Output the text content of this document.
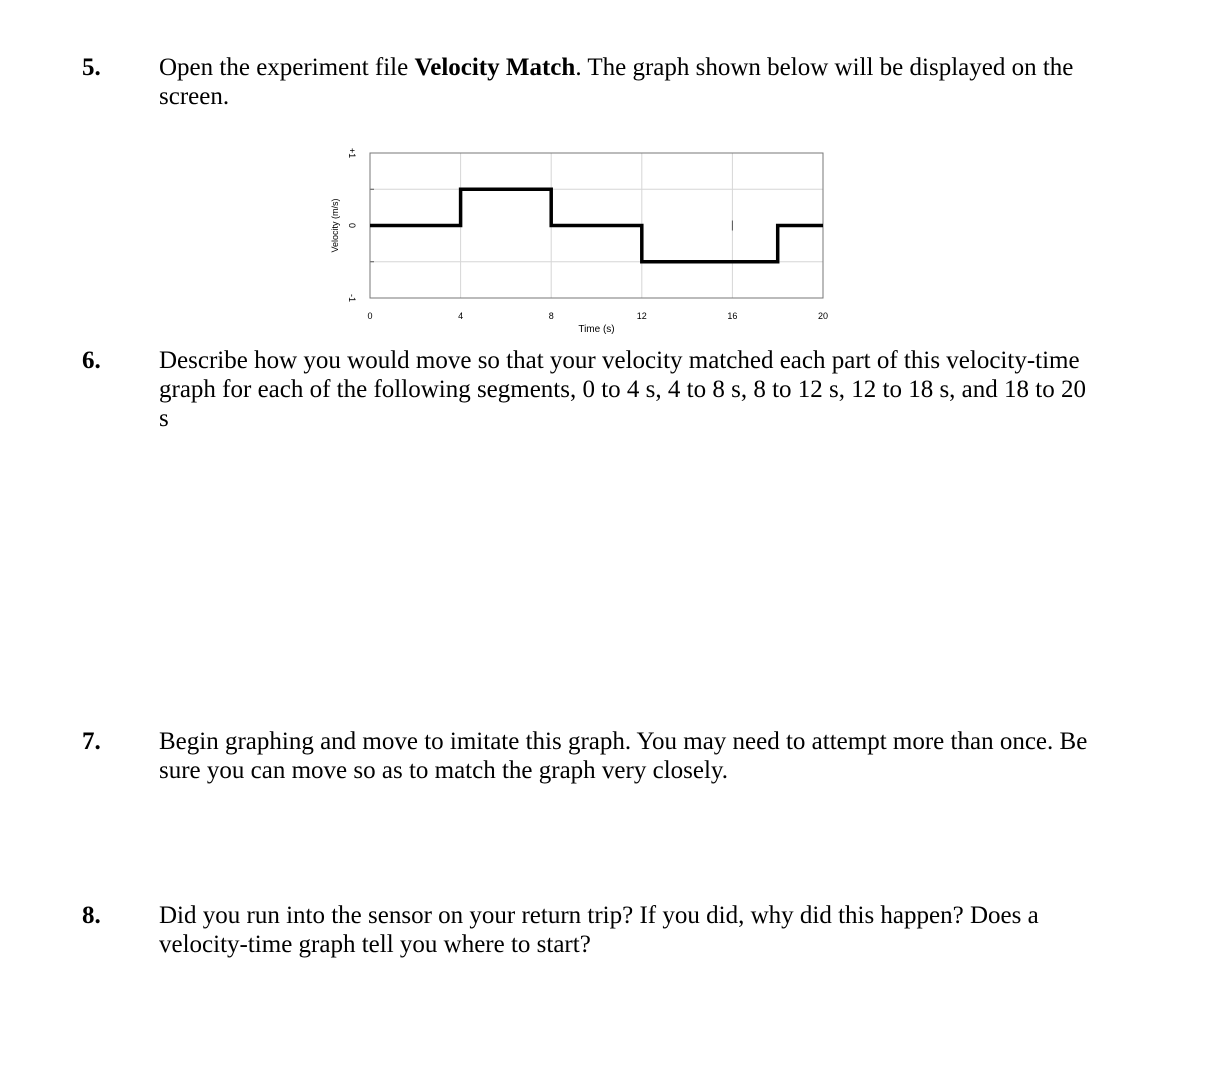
5. Open the experiment file Velocity Match. The graph shown below will be displayed on the screen.
0	4	8	12	16	20
+1
0
-1
Time (s)
Velocity (m/s)
6. Describe how you would move so that your velocity matched each part of this velocity-time graph for each of the following segments, 0 to 4 s, 4 to 8 s, 8 to 12 s, 12 to 18 s, and 18 to 20 s
7. Begin graphing and move to imitate this graph. You may need to attempt more than once. Be sure you can move so as to match the graph very closely.
8. Did you run into the sensor on your return trip? If you did, why did this happen? Does a velocity-time graph tell you where to start?
